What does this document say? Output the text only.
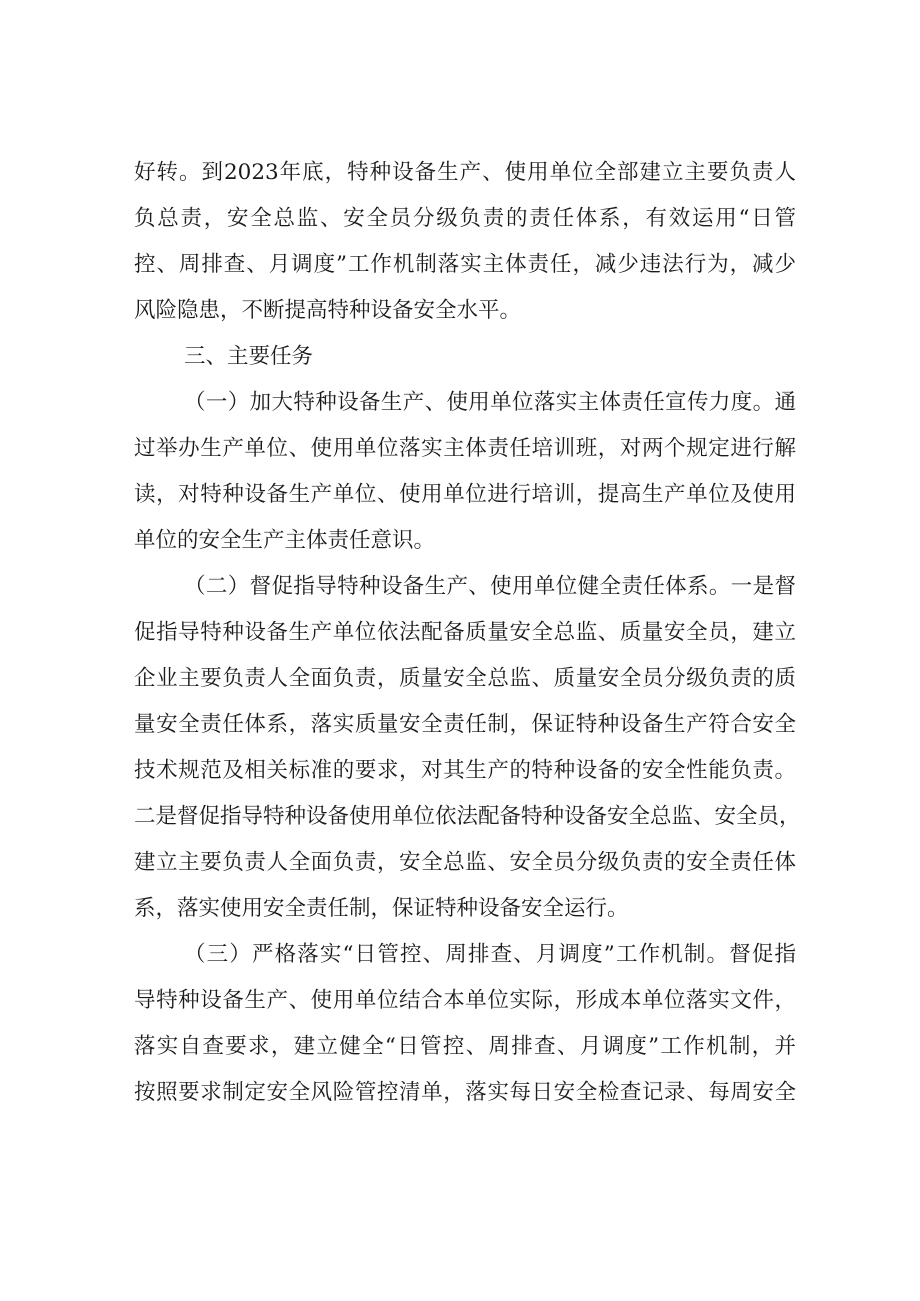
好转。到2023年底，特种设备生产、使用单位全部建立主要负责人
负总责，安全总监、安全员分级负责的责任体系，有效运用“日管
控、周排查、月调度”工作机制落实主体责任，减少违法行为，减少
风险隐患，不断提高特种设备安全水平。
三、主要任务
（一）加大特种设备生产、使用单位落实主体责任宣传力度。通
过举办生产单位、使用单位落实主体责任培训班，对两个规定进行解
读，对特种设备生产单位、使用单位进行培训，提高生产单位及使用
单位的安全生产主体责任意识。
（二）督促指导特种设备生产、使用单位健全责任体系。一是督
促指导特种设备生产单位依法配备质量安全总监、质量安全员，建立
企业主要负责人全面负责，质量安全总监、质量安全员分级负责的质
量安全责任体系，落实质量安全责任制，保证特种设备生产符合安全
技术规范及相关标准的要求，对其生产的特种设备的安全性能负责。
二是督促指导特种设备使用单位依法配备特种设备安全总监、安全员，
建立主要负责人全面负责，安全总监、安全员分级负责的安全责任体
系，落实使用安全责任制，保证特种设备安全运行。
（三）严格落实“日管控、周排查、月调度”工作机制。督促指
导特种设备生产、使用单位结合本单位实际，形成本单位落实文件，
落实自查要求，建立健全“日管控、周排查、月调度”工作机制，并
按照要求制定安全风险管控清单，落实每日安全检查记录、每周安全
